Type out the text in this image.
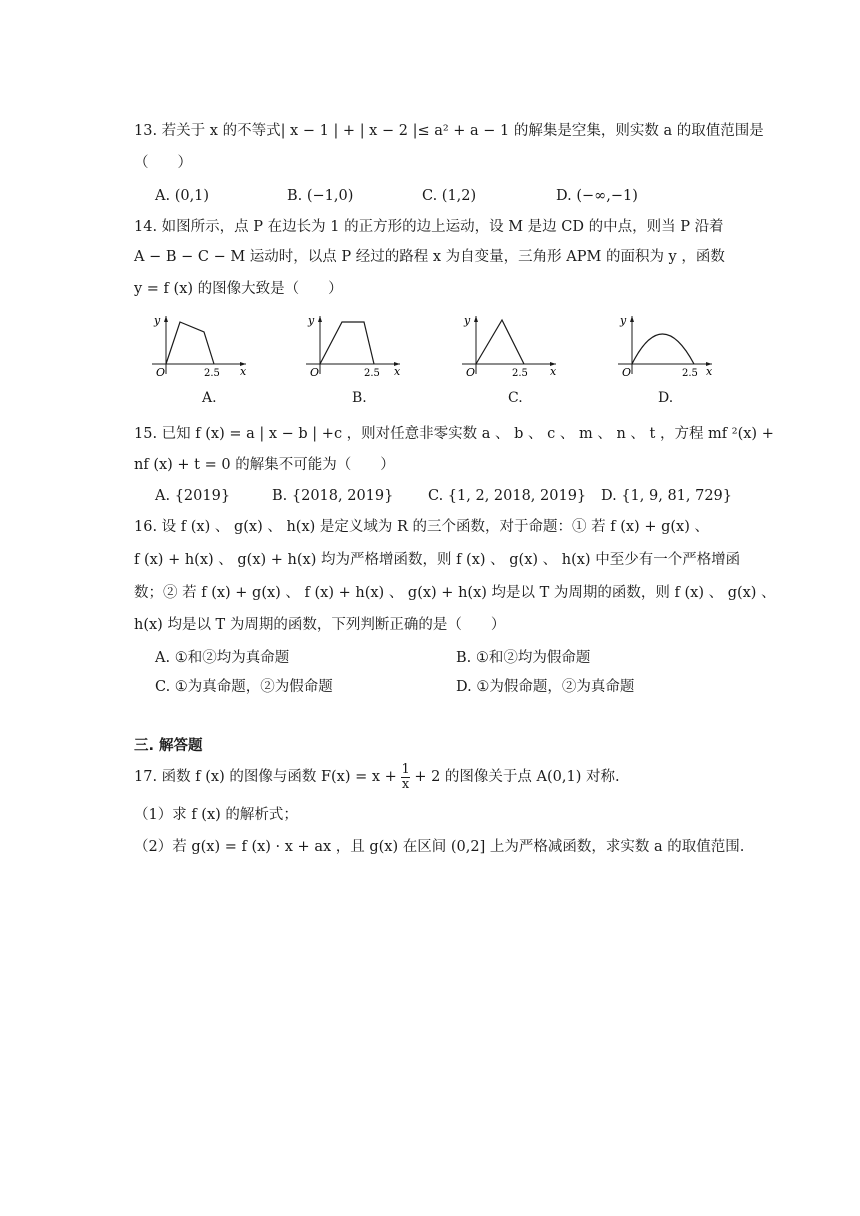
13. 若关于 x 的不等式| x − 1 | + | x − 2 |≤ a² + a − 1 的解集是空集，则实数 a 的取值范围是
（　　）
A. (0,1)	B. (−1,0)	C. (1,2)	D. (−∞,−1)
14. 如图所示，点 P 在边长为 1 的正方形的边上运动，设 M 是边 CD 的中点，则当 P 沿着
A − B − C − M 运动时，以点 P 经过的路程 x 为自变量，三角形 APM 的面积为 y ，函数
y = f (x) 的图像大致是（　　）
y
x
O	2.5
A.
y
x
O	2.5
B.
y
x
O	2.5
C.
y
x
O	2.5
D.
15. 已知 f (x) = a | x − b | +c ，则对任意非零实数 a 、 b 、 c 、 m 、 n 、 t ，方程 mf ²(x) +
nf (x) + t = 0 的解集不可能为（　　）
A. {2019}	B. {2018, 2019} C. {1, 2, 2018, 2019} D. {1, 9, 81, 729}
16. 设 f (x) 、 g(x) 、 h(x) 是定义域为 R 的三个函数，对于命题：① 若 f (x) + g(x) 、
f (x) + h(x) 、 g(x) + h(x) 均为严格增函数，则 f (x) 、 g(x) 、 h(x) 中至少有一个严格增函
数；② 若 f (x) + g(x) 、 f (x) + h(x) 、 g(x) + h(x) 均是以 T 为周期的函数，则 f (x) 、 g(x) 、
h(x) 均是以 T 为周期的函数，下列判断正确的是（　　）
A. ①和②均为真命题	B. ①和②均为假命题
C. ①为真命题，②为假命题	D. ①为假命题，②为真命题
三. 解答题
17. 函数 f (x) 的图像与函数 $F(x) = x + \frac{1}{x} + 2$ 的图像关于点 A(0,1) 对称.
（1）求 f (x) 的解析式；
（2）若 g(x) = f (x) · x + ax ，且 g(x) 在区间 (0,2] 上为严格减函数，求实数 a 的取值范围.
